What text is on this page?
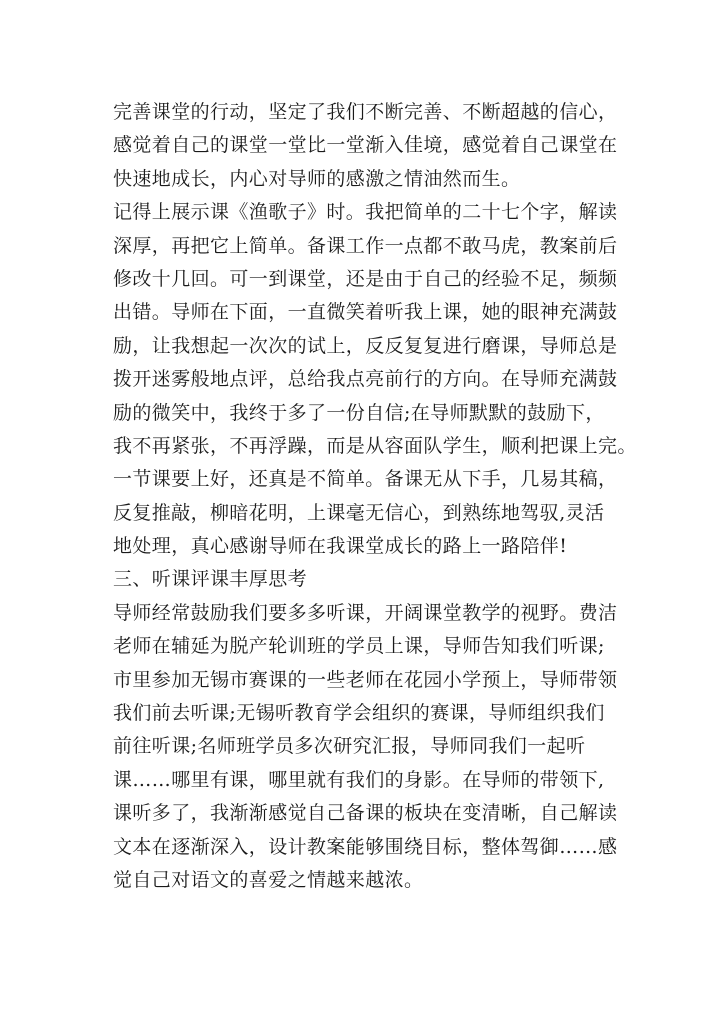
完善课堂的行动，坚定了我们不断完善、不断超越的信心，
感觉着自己的课堂一堂比一堂渐入佳境，感觉着自己课堂在
快速地成长，内心对导师的感激之情油然而生。
记得上展示课《渔歌子》时。我把简单的二十七个字，解读
深厚，再把它上简单。备课工作一点都不敢马虎，教案前后
修改十几回。可一到课堂，还是由于自己的经验不足，频频
出错。导师在下面，一直微笑着听我上课，她的眼神充满鼓
励，让我想起一次次的试上，反反复复进行磨课，导师总是
拨开迷雾般地点评，总给我点亮前行的方向。在导师充满鼓
励的微笑中，我终于多了一份自信;在导师默默的鼓励下，
我不再紧张，不再浮躁，而是从容面队学生，顺利把课上完。
一节课要上好，还真是不简单。备课无从下手，几易其稿，
反复推敲，柳暗花明，上课毫无信心，到熟练地驾驭,灵活
地处理，真心感谢导师在我课堂成长的路上一路陪伴!
三、听课评课丰厚思考
导师经常鼓励我们要多多听课，开阔课堂教学的视野。费洁
老师在辅延为脱产轮训班的学员上课，导师告知我们听课;
市里参加无锡市赛课的一些老师在花园小学预上，导师带领
我们前去听课;无锡听教育学会组织的赛课，导师组织我们
前往听课;名师班学员多次研究汇报，导师同我们一起听
课……哪里有课，哪里就有我们的身影。在导师的带领下,
课听多了，我渐渐感觉自己备课的板块在变清晰，自己解读
文本在逐渐深入，设计教案能够围绕目标，整体驾御……感
觉自己对语文的喜爱之情越来越浓。
